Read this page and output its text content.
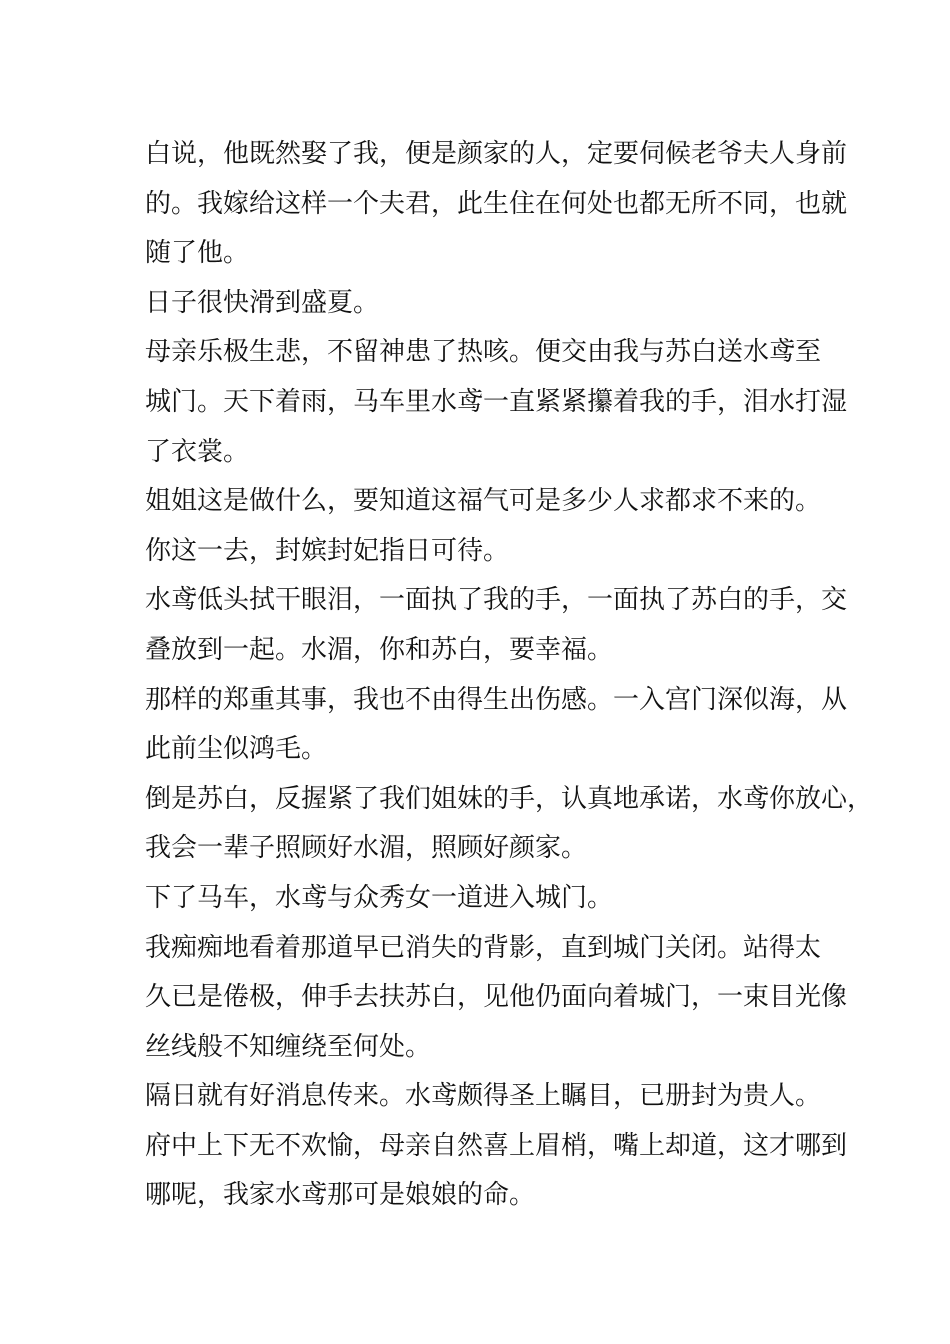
白说，他既然娶了我，便是颜家的人，定要伺候老爷夫人身前
的。我嫁给这样一个夫君，此生住在何处也都无所不同，也就
随了他。
日子很快滑到盛夏。
母亲乐极生悲，不留神患了热咳。便交由我与苏白送水鸢至
城门。天下着雨，马车里水鸢一直紧紧攥着我的手，泪水打湿
了衣裳。
姐姐这是做什么，要知道这福气可是多少人求都求不来的。
你这一去，封嫔封妃指日可待。
水鸢低头拭干眼泪，一面执了我的手，一面执了苏白的手，交
叠放到一起。水湄，你和苏白，要幸福。
那样的郑重其事，我也不由得生出伤感。一入宫门深似海，从
此前尘似鸿毛。
倒是苏白，反握紧了我们姐妹的手，认真地承诺，水鸢你放心，
我会一辈子照顾好水湄，照顾好颜家。
下了马车，水鸢与众秀女一道进入城门。
我痴痴地看着那道早已消失的背影，直到城门关闭。站得太
久已是倦极，伸手去扶苏白，见他仍面向着城门，一束目光像
丝线般不知缠绕至何处。
隔日就有好消息传来。水鸢颇得圣上瞩目，已册封为贵人。
府中上下无不欢愉，母亲自然喜上眉梢，嘴上却道，这才哪到
哪呢，我家水鸢那可是娘娘的命。
